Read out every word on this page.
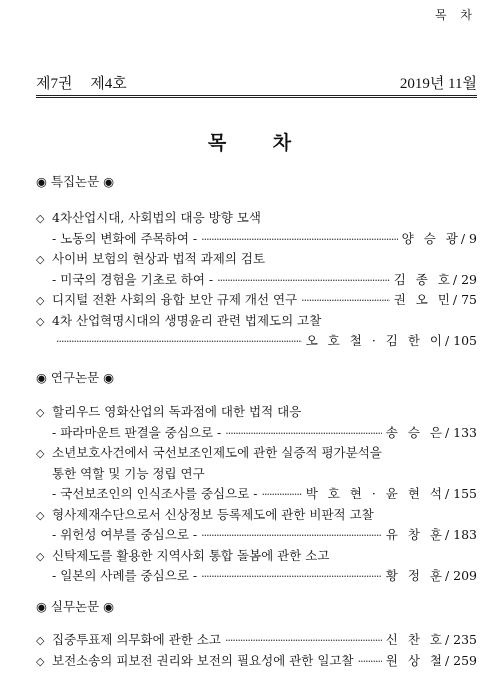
목 차
제7권 제4호	2019년 11월
목 차
◉ 특집논문 ◉
◇ 4차산업시대, 사회법의 대응 방향 모색
- 노동의 변화에 주목하여 - ·····	양 승 광 / 9
◇ 사이버 보험의 현상과 법적 과제의 검토
- 미국의 경험을 기초로 하여 - ·····	김 종 호 / 29
◇ 디지털 전환 사회의 융합 보안 규제 개선 연구 ·····	권 오 민 / 75
◇ 4차 산업혁명시대의 생명윤리 관련 법제도의 고찰
·····
오 호 철 · 김 한 이 / 105
◉ 연구논문 ◉
◇ 할리우드 영화산업의 독과점에 대한 법적 대응
- 파라마운트 판결을 중심으로 - ·····	송 승 은 / 133
◇ 소년보호사건에서 국선보조인제도에 관한 실증적 평가분석을
통한 역할 및 기능 정립 연구
- 국선보조인의 인식조사를 중심으로 - ·····	박 호 현 · 윤 현 석 / 155
◇ 형사제재수단으로서 신상정보 등록제도에 관한 비판적 고찰
- 위헌성 여부를 중심으로 - ·····	유 창 훈 / 183
◇ 신탁제도를 활용한 지역사회 통합 돌봄에 관한 소고
- 일본의 사례를 중심으로 - ·····	황 정 훈 / 209
◉ 실무논문 ◉
◇ 집중투표제 의무화에 관한 소고 ·····	신 찬 호 / 235
◇ 보전소송의 피보전 권리와 보전의 필요성에 관한 일고찰 ·····	원 상 철 / 259
